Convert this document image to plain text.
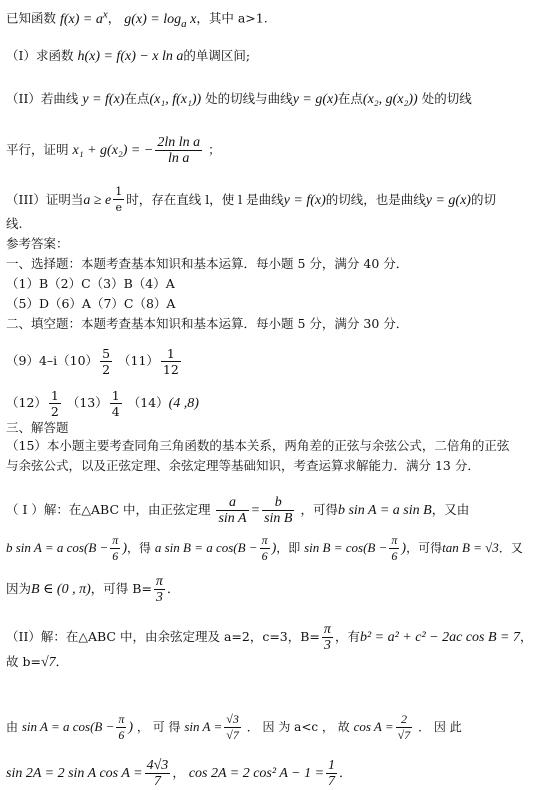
已知函数 $f(x) = a^x$， $g(x) = \log_a x$，其中 a>1.
（I）求函数 h(x) = f(x) − x ln a的单调区间;
（II）若曲线 y = f(x)在点(x₁, f(x₁)) 处的切线与曲线y = g(x)在点(x₂, g(x₂)) 处的切线
平行，证明 x₁ + g(x₂) = − $\frac{\text{2ln ln a}}{\text{ln a}}$ ；
（III）证明当a ≥ e $\frac{1}{e}$ 时，存在直线 l，使 l 是曲线y = f(x)的切线，也是曲线y = g(x)的切
线.
参考答案：
一、选择题：本题考查基本知识和基本运算．每小题 5 分，满分 40 分．
（1）B（2）C（3）B（4）A
（5）D（6）A（7）C（8）A
二、填空题：本题考查基本知识和基本运算．每小题 5 分，满分 30 分．
$(9)4-i(10) \frac{5}{2} (11) \frac{1}{12}$
$(12) \frac{1}{2} (13) \frac{1}{4} (14)(4$ ,8)
三、解答题
（15）本小题主要考查同角三角函数的基本关系，两角差的正弦与余弦公式，二倍角的正弦
与余弦公式，以及正弦定理、余弦定理等基础知识，考查运算求解能力．满分 13 分．
（ I ）解：在△ABC 中，由正弦定理 $\frac{a}{\text{sin A}} = \frac{b}{\text{sin B}}$ ，可得b sin A = a sin B，又由
b sin A = a $\cos(B - \frac{\pi}{6}$ )，得 a sin B = a $\cos(B - \frac{\pi}{6}$ )，即 $\sin B = \cos(B - \frac{\pi}{6}$ )，可得tan B = √3．又
因为B ∈ (0 , π)，可得 $B= \frac{\pi}{3}$ ．
（II）解：在△ABC 中，由余弦定理及 a=2，c=3，$B= \frac{\pi}{3}$ ，有b² = a² + c² − 2ac cos B = 7，
故 b=√7．
由 sin A = a $\cos(B - \frac{\pi}{6}$ ) ， 可 得 $\sin A = \frac{√3}{√7}$ ． 因 为 a<c ， 故 $\cos A = \frac{2}{√7}$ ． 因 此
sin 2A = 2 sin A $\cos A = \frac{4√3}{7}$ ， cos 2A = 2 cos² $A - 1 = \frac{1}{7}$ ．
